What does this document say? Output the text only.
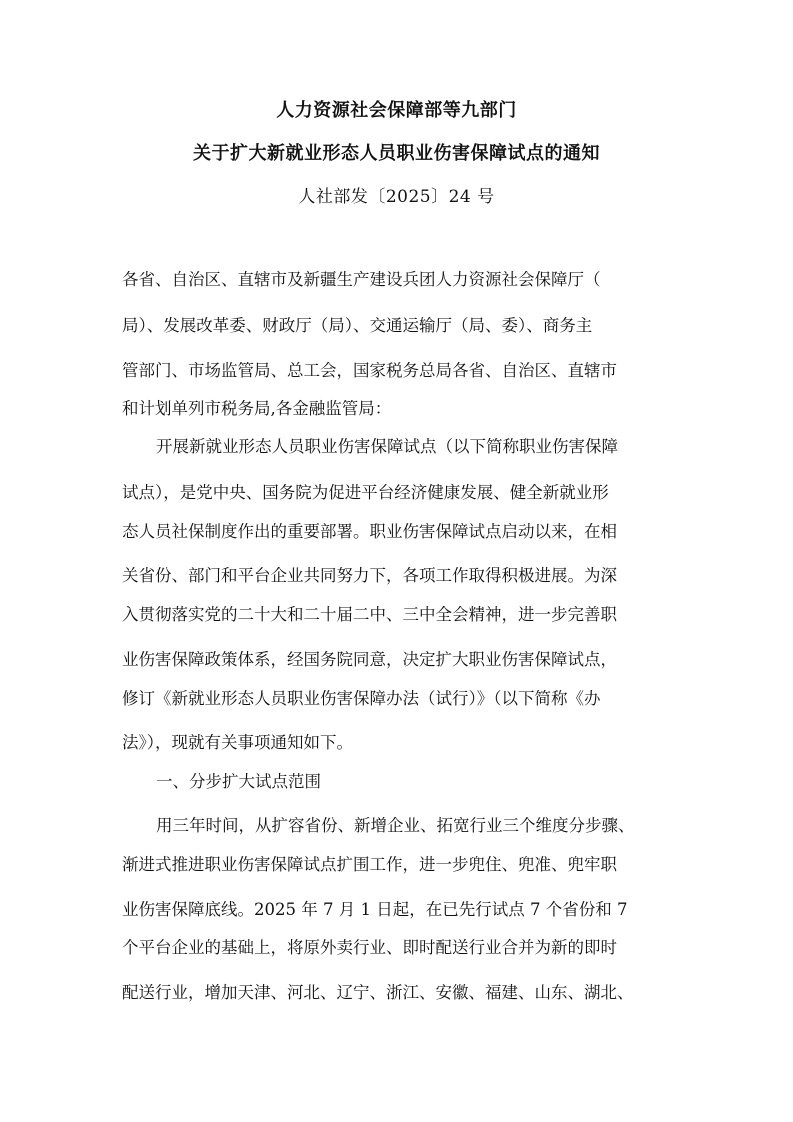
人力资源社会保障部等九部门
关于扩大新就业形态人员职业伤害保障试点的通知
人社部发〔2025〕24 号
各省、自治区、直辖市及新疆生产建设兵团人力资源社会保障厅（
局）、发展改革委、财政厅（局）、交通运输厅（局、委）、商务主
管部门、市场监管局、总工会，国家税务总局各省、自治区、直辖市
和计划单列市税务局,各金融监管局：
开展新就业形态人员职业伤害保障试点（以下简称职业伤害保障
试点），是党中央、国务院为促进平台经济健康发展、健全新就业形
态人员社保制度作出的重要部署。职业伤害保障试点启动以来，在相
关省份、部门和平台企业共同努力下，各项工作取得积极进展。为深
入贯彻落实党的二十大和二十届二中、三中全会精神，进一步完善职
业伤害保障政策体系，经国务院同意，决定扩大职业伤害保障试点，
修订《新就业形态人员职业伤害保障办法（试行）》（以下简称《办
法》），现就有关事项通知如下。
一、分步扩大试点范围
用三年时间，从扩容省份、新增企业、拓宽行业三个维度分步骤、
渐进式推进职业伤害保障试点扩围工作，进一步兜住、兜准、兜牢职
业伤害保障底线。2025 年 7 月 1 日起，在已先行试点 7 个省份和 7
个平台企业的基础上，将原外卖行业、即时配送行业合并为新的即时
配送行业，增加天津、河北、辽宁、浙江、安徽、福建、山东、湖北、
